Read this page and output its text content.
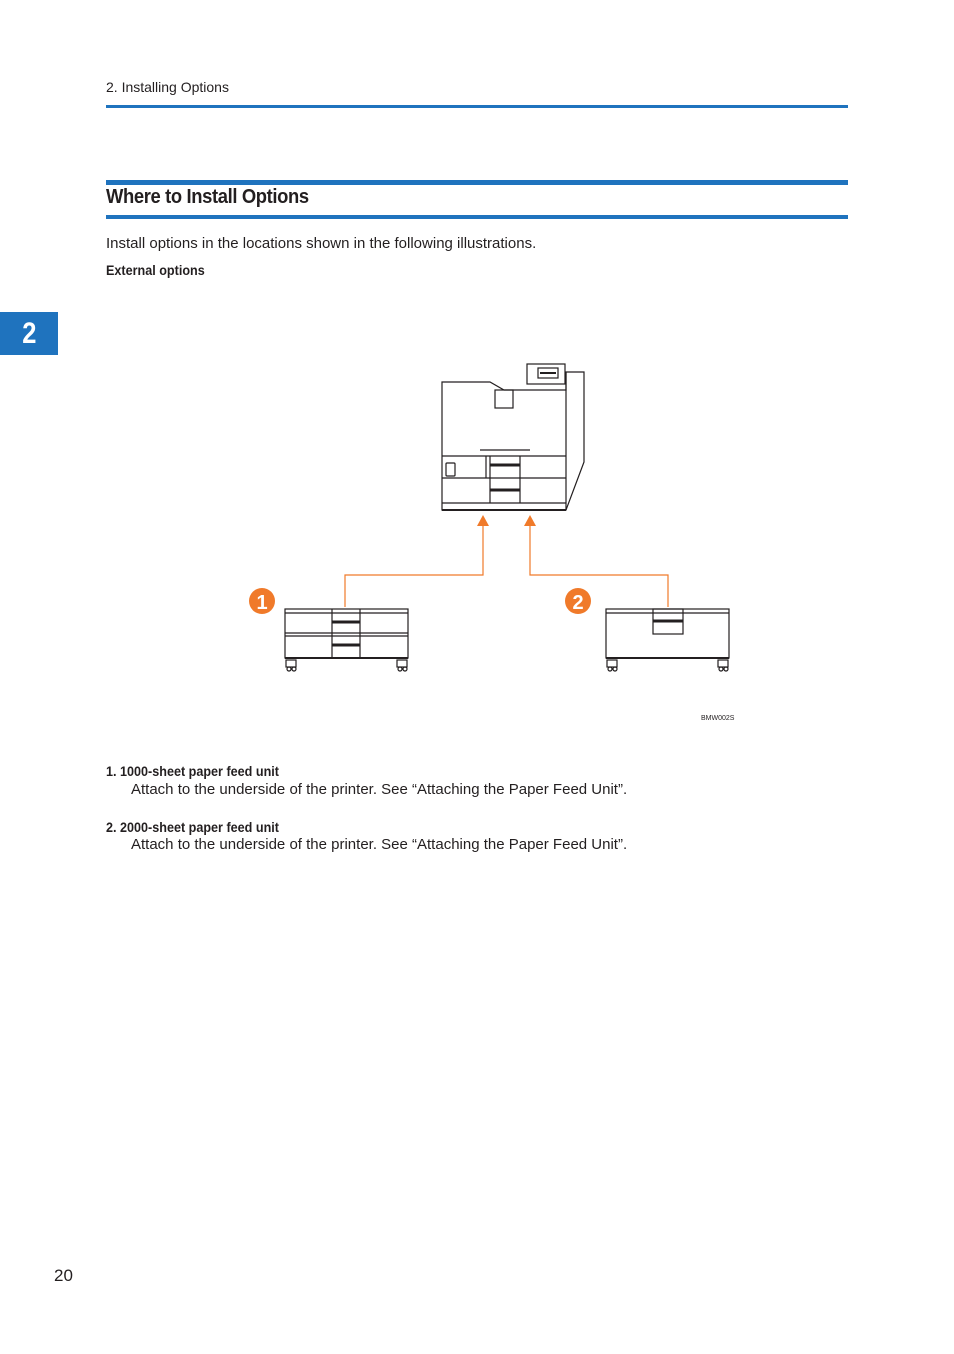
2. Installing Options
2
Where to Install Options
Install options in the locations shown in the following illustrations.
External options
1	2
BMW002S
1. 1000-sheet paper feed unit
Attach to the underside of the printer. See “Attaching the Paper Feed Unit”.
2. 2000-sheet paper feed unit
Attach to the underside of the printer. See “Attaching the Paper Feed Unit”.
20
